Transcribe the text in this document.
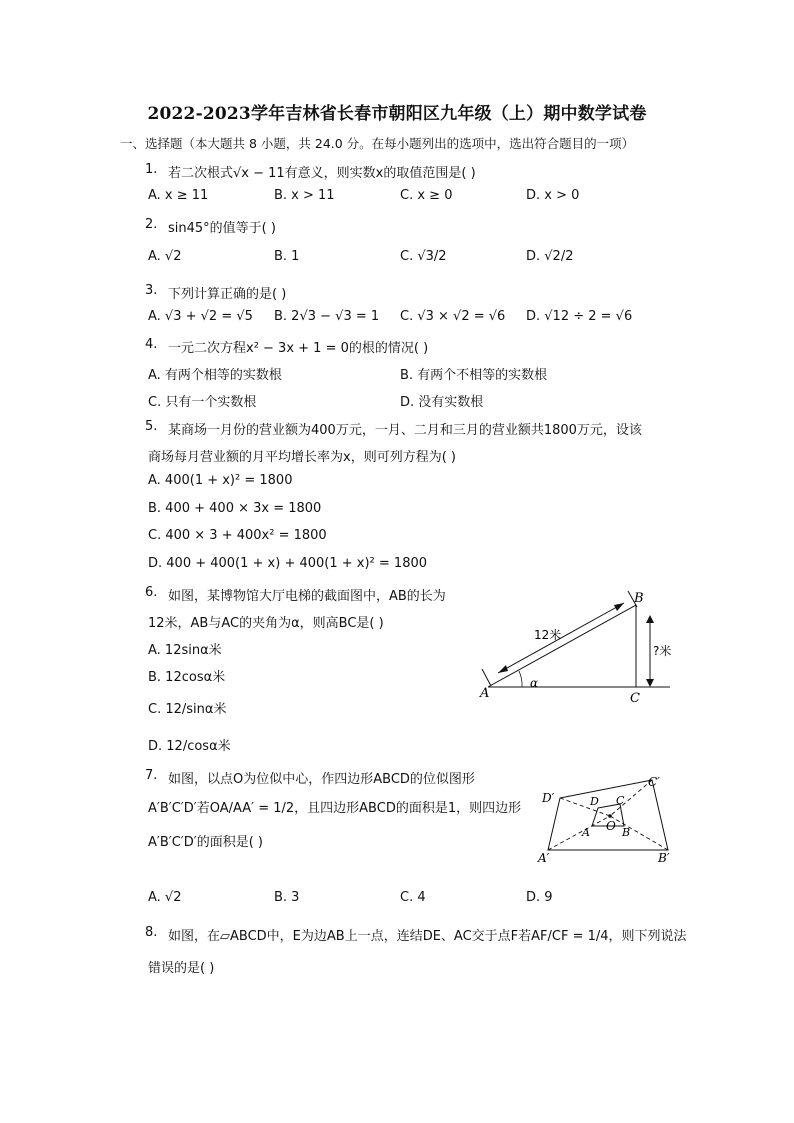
2022-2023学年吉林省长春市朝阳区九年级（上）期中数学试卷
一、选择题（本大题共 8 小题，共 24.0 分。在每小题列出的选项中，选出符合题目的一项）
1. 若二次根式√x − 11有意义，则实数x的取值范围是( )
A. x ≥ 11	B. x > 11	C. x ≥ 0	D. x > 0
2. sin45°的值等于( )
A. √2	B. 1	C. √3/2	D. √2/2
3. 下列计算正确的是( )
A. √3 + √2 = √5 B. 2√3 − √3 = 1 C. √3 × √2 = √6 D. √12 ÷ 2 = √6
4. 一元二次方程x² − 3x + 1 = 0的根的情况( )
A. 有两个相等的实数根	B. 有两个不相等的实数根
C. 只有一个实数根	D. 没有实数根
5. 某商场一月份的营业额为400万元，一月、二月和三月的营业额共1800万元，设该
商场每月营业额的月平均增长率为x，则可列方程为( )
A. 400(1 + x)² = 1800
B. 400 + 400 × 3x = 1800
C. 400 × 3 + 400x² = 1800
D. 400 + 400(1 + x) + 400(1 + x)² = 1800
6. 如图，某博物馆大厅电梯的截面图中，AB的长为
12米，AB与AC的夹角为α，则高BC是( )
A. 12sinα米
B. 12cosα米
C. 12/sinα米
D. 12/cosα米
A
B
C
α
12米
?米
7. 如图，以点O为位似中心，作四边形ABCD的位似图形
A′B′C′D′若OA/AA′ = 1/2，且四边形ABCD的面积是1，则四边形
A′B′C′D′的面积是( )
A. √2	B. 3	C. 4	D. 9
D′
C′
A′	B′
D C
A	B
O
8. 如图，在▱ABCD中，E为边AB上一点，连结DE、AC交于点F若AF/CF = 1/4，则下列说法
错误的是( )
